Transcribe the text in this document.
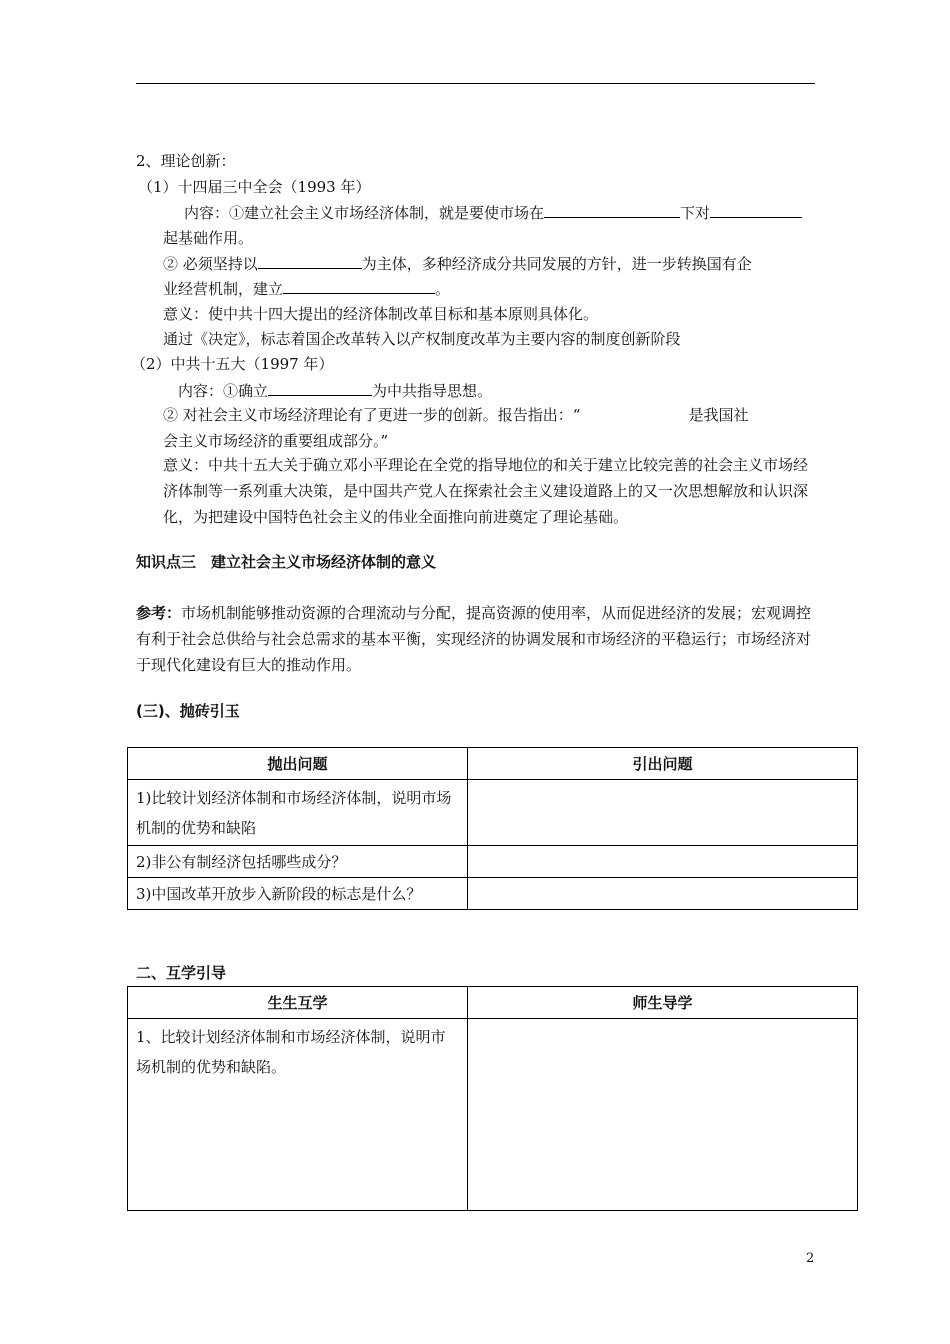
2、理论创新：
（1）十四届三中全会（1993 年）
内容：①建立社会主义市场经济体制，就是要使市场在	下对
起基础作用。
② 必须坚持以	为主体，多种经济成分共同发展的方针，进一步转换国有企
业经营机制，建立	。
意义：使中共十四大提出的经济体制改革目标和基本原则具体化。
通过《决定》，标志着国企改革转入以产权制度改革为主要内容的制度创新阶段
（2）中共十五大（1997 年）
内容：①确立	为中共指导思想。
② 对社会主义市场经济理论有了更进一步的创新。报告指出：“	是我国社
会主义市场经济的重要组成部分。”
意义：中共十五大关于确立邓小平理论在全党的指导地位的和关于建立比较完善的社会主义市场经济体制等一系列重大决策，是中国共产党人在探索社会主义建设道路上的又一次思想解放和认识深化，为把建设中国特色社会主义的伟业全面推向前进奠定了理论基础。
知识点三　建立社会主义市场经济体制的意义
参考：市场机制能够推动资源的合理流动与分配，提高资源的使用率，从而促进经济的发展；宏观调控有利于社会总供给与社会总需求的基本平衡，实现经济的协调发展和市场经济的平稳运行；市场经济对于现代化建设有巨大的推动作用。
(三)、抛砖引玉
抛出问题	引出问题
1)比较计划经济体制和市场经济体制，说明市场机制的优势和缺陷	
2)非公有制经济包括哪些成分？	
3)中国改革开放步入新阶段的标志是什么？	
二、互学引导
生生互学	师生导学
1、比较计划经济体制和市场经济体制，说明市场机制的优势和缺陷。	
2
